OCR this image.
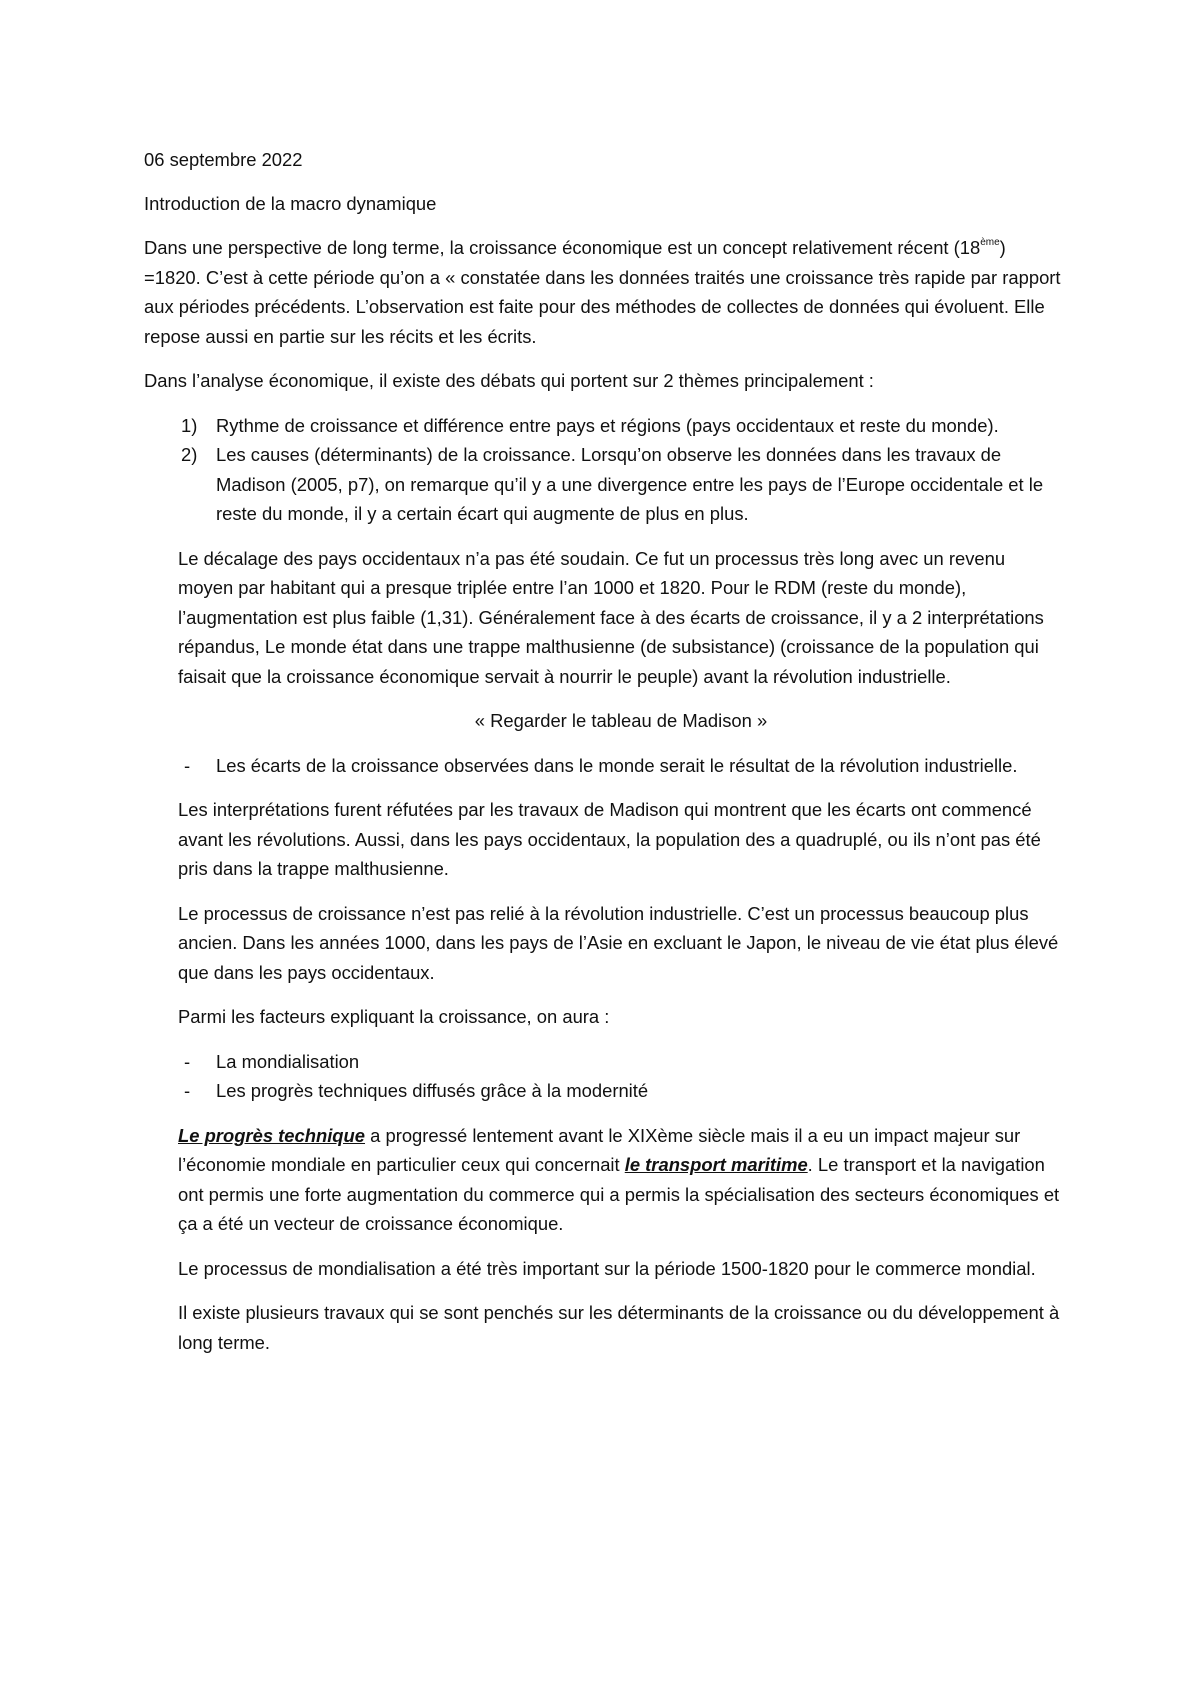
06 septembre 2022

Introduction de la macro dynamique

Dans une perspective de long terme, la croissance économique est un concept relativement récent (18ème) =1820. C’est à cette période qu’on a « constatée dans les données traités une croissance très rapide par rapport aux périodes précédents. L’observation est faite pour des méthodes de collectes de données qui évoluent. Elle repose aussi en partie sur les récits et les écrits.

Dans l’analyse économique, il existe des débats qui portent sur 2 thèmes principalement :

1) Rythme de croissance et différence entre pays et régions (pays occidentaux et reste du monde).
2) Les causes (déterminants) de la croissance. Lorsqu’on observe les données dans les travaux de Madison (2005, p7), on remarque qu’il y a une divergence entre les pays de l’Europe occidentale et le reste du monde, il y a certain écart qui augmente de plus en plus.

Le décalage des pays occidentaux n’a pas été soudain. Ce fut un processus très long avec un revenu moyen par habitant qui a presque triplée entre l’an 1000 et 1820. Pour le RDM (reste du monde), l’augmentation est plus faible (1,31). Généralement face à des écarts de croissance, il y a 2 interprétations répandus, Le monde état dans une trappe malthusienne (de subsistance) (croissance de la population qui faisait que la croissance économique servait à nourrir le peuple) avant la révolution industrielle.

« Regarder le tableau de Madison »

- Les écarts de la croissance observées dans le monde serait le résultat de la révolution industrielle.

Les interprétations furent réfutées par les travaux de Madison qui montrent que les écarts ont commencé avant les révolutions. Aussi, dans les pays occidentaux, la population des a quadruplé, ou ils n’ont pas été pris dans la trappe malthusienne.

Le processus de croissance n’est pas relié à la révolution industrielle. C’est un processus beaucoup plus ancien. Dans les années 1000, dans les pays de l’Asie en excluant le Japon, le niveau de vie état plus élevé que dans les pays occidentaux.

Parmi les facteurs expliquant la croissance, on aura :

- La mondialisation
- Les progrès techniques diffusés grâce à la modernité

Le progrès technique a progressé lentement avant le XIXème siècle mais il a eu un impact majeur sur l’économie mondiale en particulier ceux qui concernait le transport maritime. Le transport et la navigation ont permis une forte augmentation du commerce qui a permis la spécialisation des secteurs économiques et ça a été un vecteur de croissance économique.

Le processus de mondialisation a été très important sur la période 1500-1820 pour le commerce mondial.

Il existe plusieurs travaux qui se sont penchés sur les déterminants de la croissance ou du développement à long terme.
